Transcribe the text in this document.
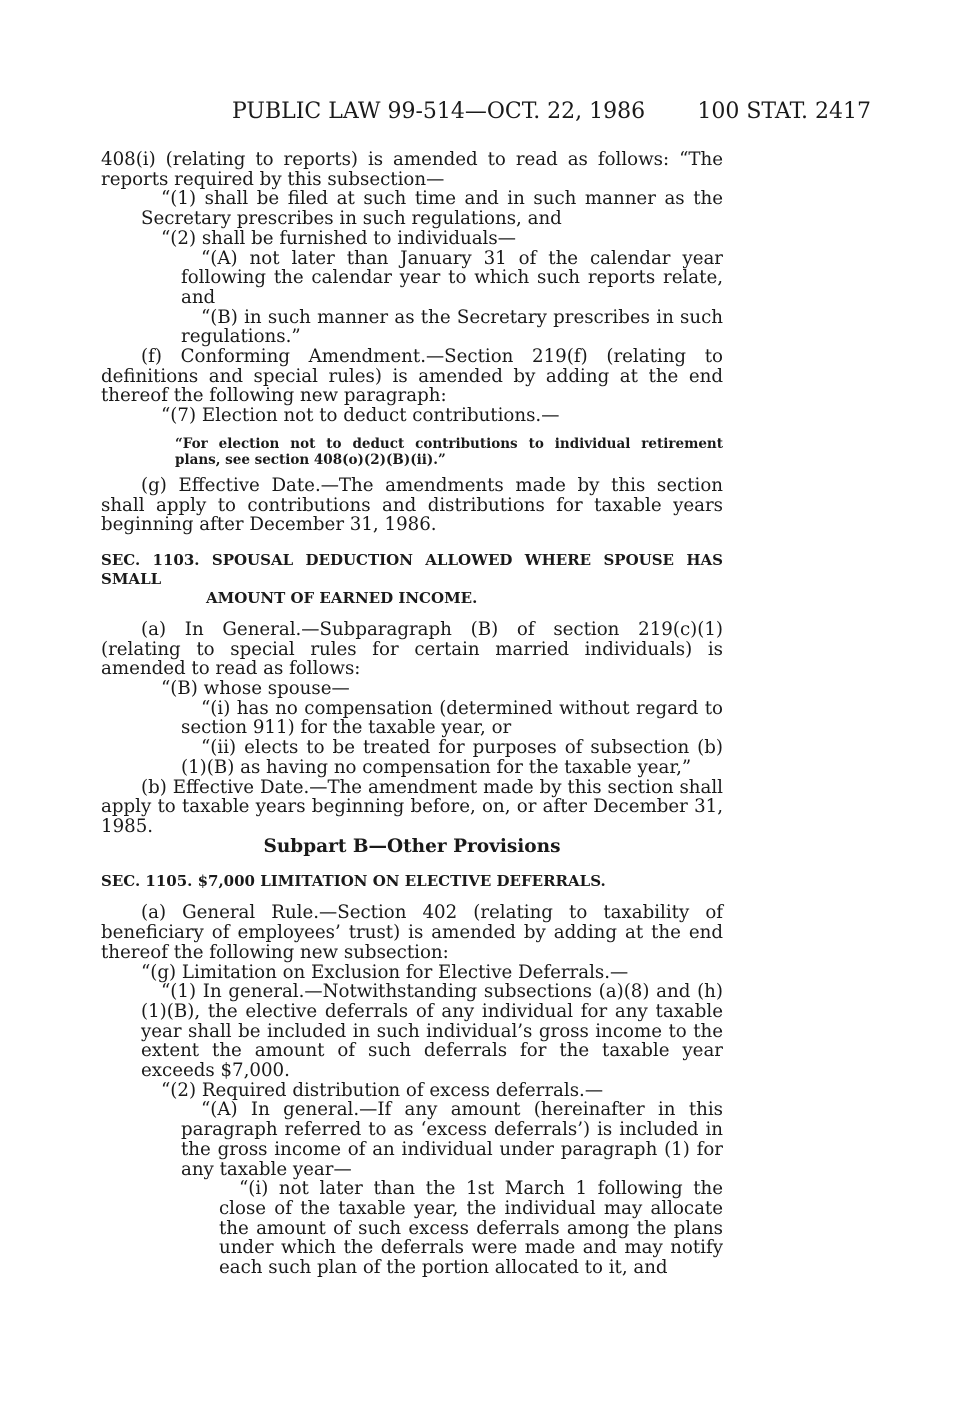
PUBLIC LAW 99-514—OCT. 22, 1986 100 STAT. 2417

408(i) (relating to reports) is amended to read as follows: “The reports required by this subsection—

“(1) shall be filed at such time and in such manner as the Secretary prescribes in such regulations, and

“(2) shall be furnished to individuals—

“(A) not later than January 31 of the calendar year following the calendar year to which such reports relate, and

“(B) in such manner as the Secretary prescribes in such regulations.”

(f) Conforming Amendment.—Section 219(f) (relating to definitions and special rules) is amended by adding at the end thereof the following new paragraph:

“(7) Election not to deduct contributions.—

“For election not to deduct contributions to individual retirement plans, see section 408(o)(2)(B)(ii).”

(g) Effective Date.—The amendments made by this section shall apply to contributions and distributions for taxable years beginning after December 31, 1986.

SEC. 1103. SPOUSAL DEDUCTION ALLOWED WHERE SPOUSE HAS SMALL
AMOUNT OF EARNED INCOME.

(a) In General.—Subparagraph (B) of section 219(c)(1) (relating to special rules for certain married individuals) is amended to read as follows:

“(B) whose spouse—

“(i) has no compensation (determined without regard to section 911) for the taxable year, or

“(ii) elects to be treated for purposes of subsection (b)(1)(B) as having no compensation for the taxable year,”

(b) Effective Date.—The amendment made by this section shall apply to taxable years beginning before, on, or after December 31, 1985.

Subpart B—Other Provisions

SEC. 1105. $7,000 LIMITATION ON ELECTIVE DEFERRALS.

(a) General Rule.—Section 402 (relating to taxability of beneficiary of employees’ trust) is amended by adding at the end thereof the following new subsection:

“(g) Limitation on Exclusion for Elective Deferrals.—

“(1) In general.—Notwithstanding subsections (a)(8) and (h)(1)(B), the elective deferrals of any individual for any taxable year shall be included in such individual’s gross income to the extent the amount of such deferrals for the taxable year exceeds $7,000.

“(2) Required distribution of excess deferrals.—

“(A) In general.—If any amount (hereinafter in this paragraph referred to as ‘excess deferrals’) is included in the gross income of an individual under paragraph (1) for any taxable year—

“(i) not later than the 1st March 1 following the close of the taxable year, the individual may allocate the amount of such excess deferrals among the plans under which the deferrals were made and may notify each such plan of the portion allocated to it, and
